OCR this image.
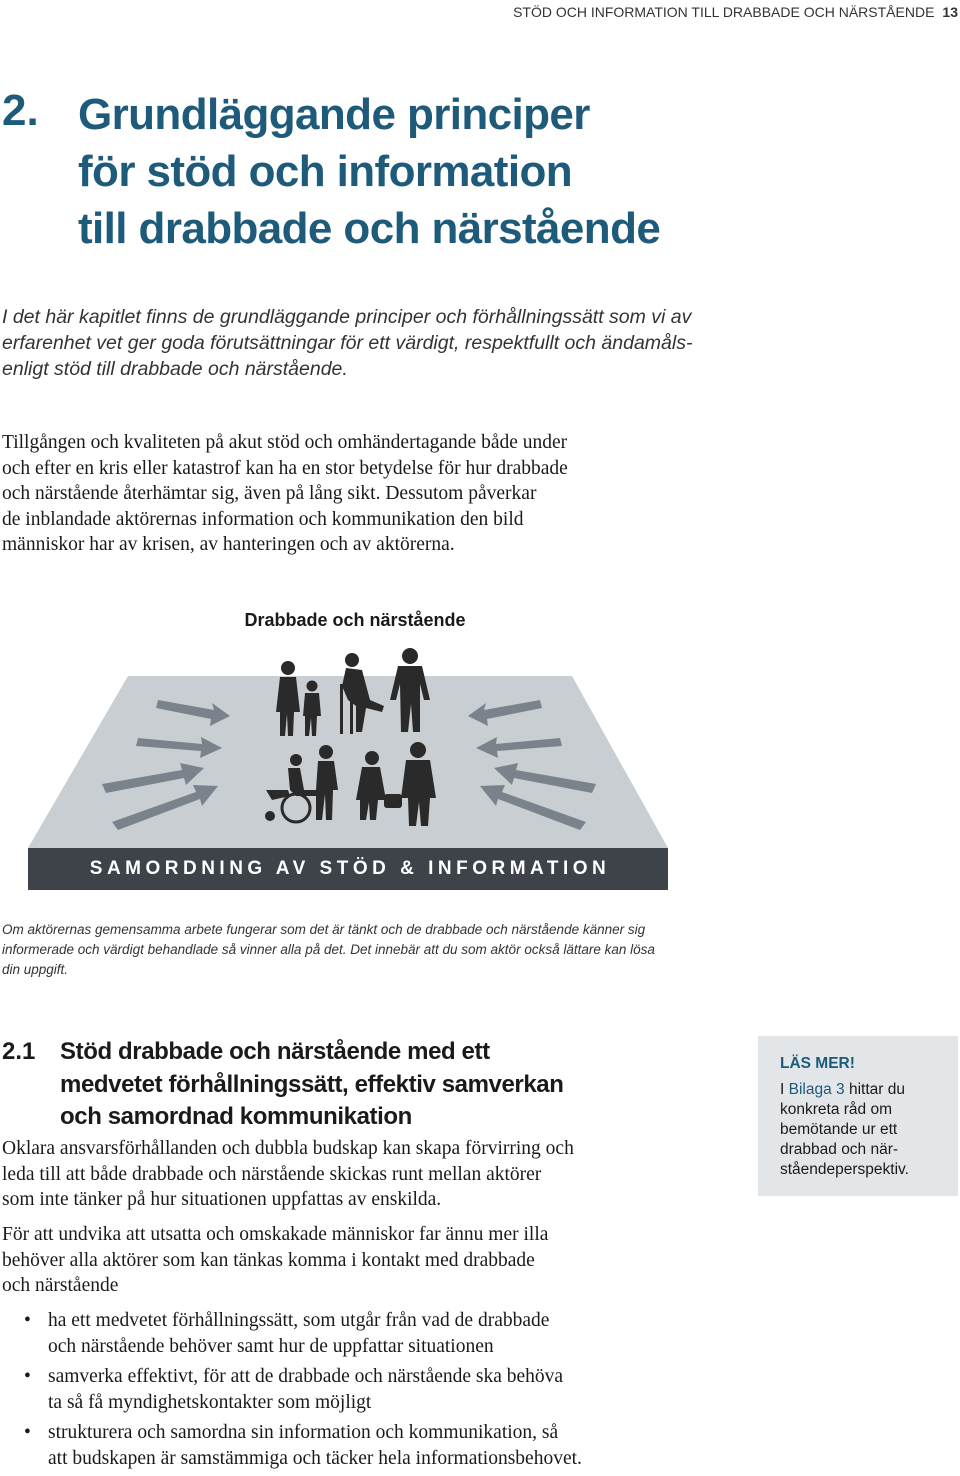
STÖD OCH INFORMATION TILL DRABBADE OCH NÄRSTÅENDE 13
2. Grundläggande principer
för stöd och information
till drabbade och närstående
I det här kapitlet finns de grundläggande principer och förhållningssätt som vi av
erfarenhet vet ger goda förutsättningar för ett värdigt, respektfullt och ändamåls-
enligt stöd till drabbade och närstående.
Tillgången och kvaliteten på akut stöd och omhändertagande både under
och efter en kris eller katastrof kan ha en stor betydelse för hur drabbade
och närstående återhämtar sig, även på lång sikt. Dessutom påverkar
de inblandade aktörernas information och kommunikation den bild
människor har av krisen, av hanteringen och av aktörerna.
Drabbade och närstående
SAMORDNING AV STÖD & INFORMATION
Om aktörernas gemensamma arbete fungerar som det är tänkt och de drabbade och närstående känner sig
informerade och värdigt behandlade så vinner alla på det. Det innebär att du som aktör också lättare kan lösa
din uppgift.
2.1 Stöd drabbade och närstående med ett
medvetet förhållningssätt, effektiv samverkan
och samordnad kommunikation
Oklara ansvarsförhållanden och dubbla budskap kan skapa förvirring och
leda till att både drabbade och närstående skickas runt mellan aktörer
som inte tänker på hur situationen uppfattas av enskilda.
För att undvika att utsatta och omskakade människor far ännu mer illa
behöver alla aktörer som kan tänkas komma i kontakt med drabbade
och närstående
• ha ett medvetet förhållningssätt, som utgår från vad de drabbade
och närstående behöver samt hur de uppfattar situationen
• samverka effektivt, för att de drabbade och närstående ska behöva
ta så få myndighetskontakter som möjligt
• strukturera och samordna sin information och kommunikation, så
att budskapen är samstämmiga och täcker hela informationsbehovet.
LÄS MER!
I Bilaga 3 hittar du
konkreta råd om
bemötande ur ett
drabbad och när-
ståendeperspektiv.
